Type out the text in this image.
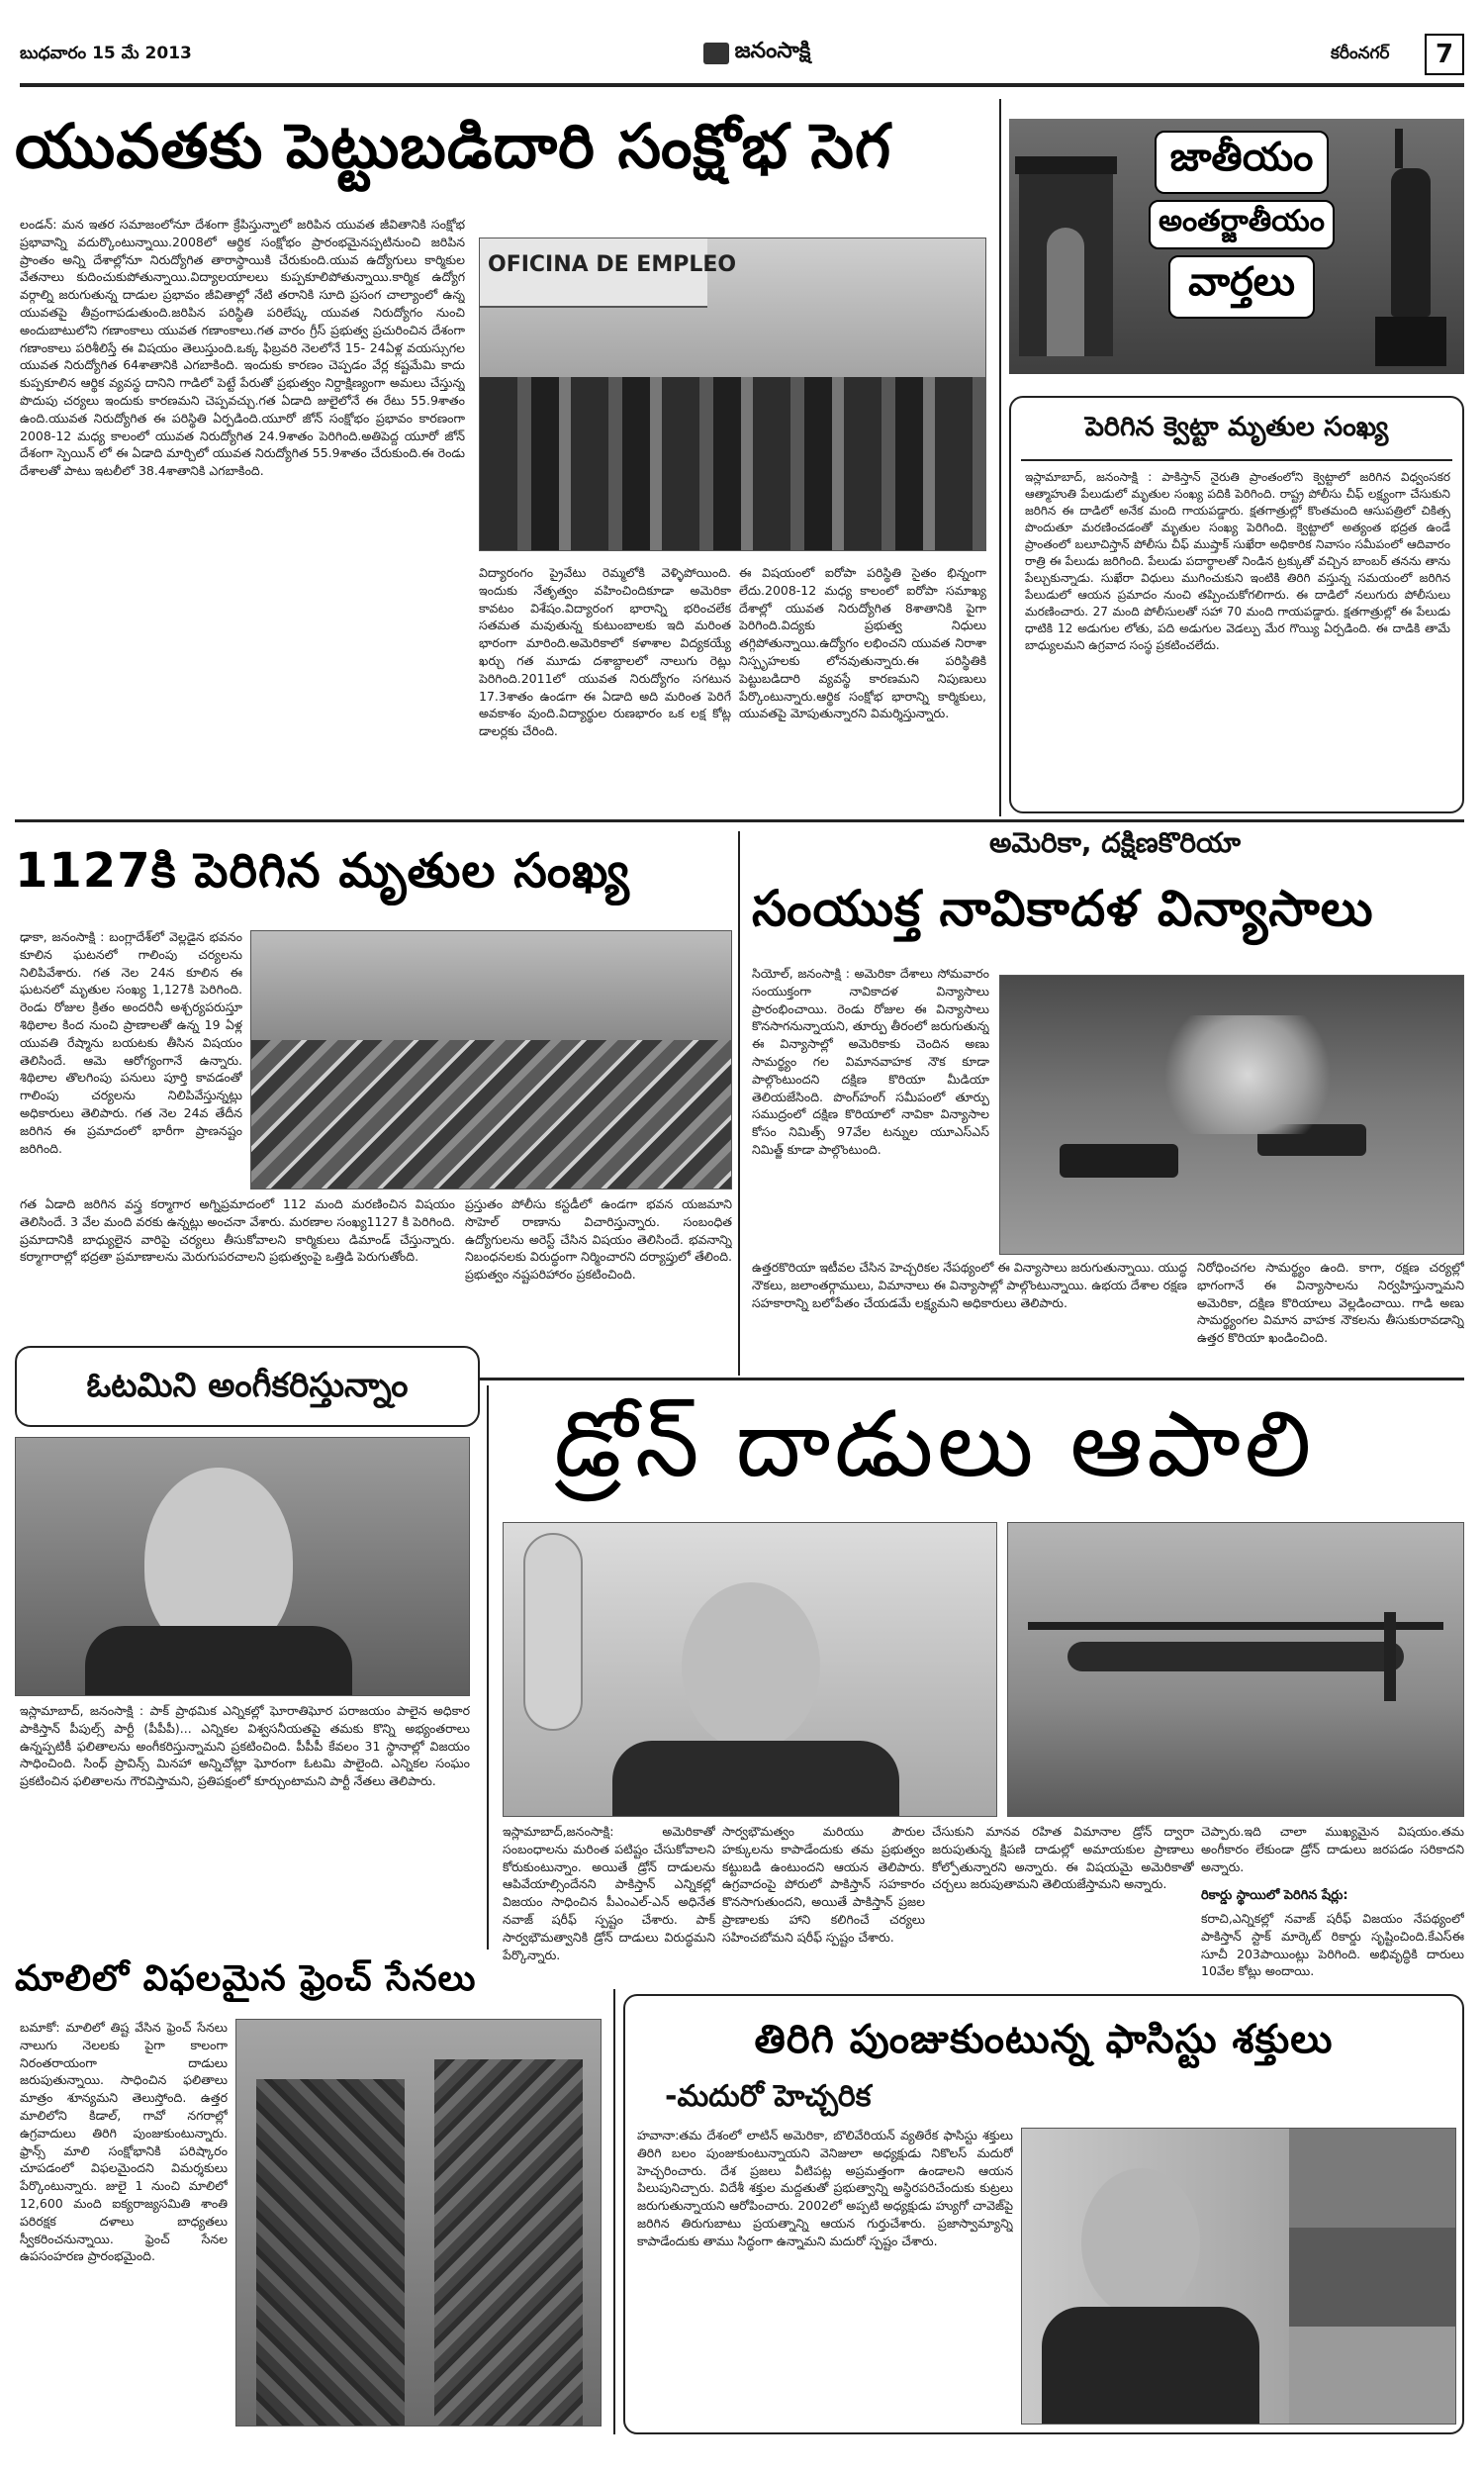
బుధవారం 15 మే 2013	జనంసాక్షి	కరీంనగర్ 7
యువతకు పెట్టుబడిదారి సంక్షోభ సెగ
లండన్: మన ఇతర సమాజంలోనూ దేశంగా క్రేపిస్తున్నాలో జరిపిన యువత జీవితానికి సంక్షోభ ప్రభావాన్ని వదుర్కొంటున్నాయి.2008లో ఆర్థిక సంక్షోభం ప్రారంభమైనప్పటినుంచి జరిపిన ప్రాంతం అన్ని దేశాల్లోనూ నిరుద్యోగిత తారాస్థాయికి చేరుకుంది.యువ ఉద్యోగులు కార్మికుల వేతనాలు కుదించుకుపోతున్నాయి.విద్యాలయాలలు కుప్పకూలిపోతున్నాయి.కార్మిక ఉద్యోగ వర్గాల్ని జరుగుతున్న దాడుల ప్రభావం జీవితాల్లో నేటి తరానికి సూది ప్రసంగ చాల్యాంలో ఉన్న యువతపై తీవ్రంగాపడుతుంది.జరిపిన పరిస్థితి పరిలేష్క యువత నిరుద్యోగం నుంచి అందుబాటులోని గణాంకాలు యువత గణాంకాలు.గత వారం గ్రీస్ ప్రభుత్వ ప్రచురించిన దేశంగా గణాంకాలు పరిశీలిస్తే ఈ విషయం తెలుస్తుంది.ఒక్క ఫిబ్రవరి నెలలోనే 15- 24ఏళ్ల వయస్సుగల యువత నిరుద్యోగిత 64శాతానికి ఎగబాకింది. ఇందుకు కారణం చెప్పడం వేర్ల కష్టమేమి కాదు కుప్పకూలిన ఆర్థిక వ్యవస్థ దానిని గాడిలో పెట్టే పేరుతో ప్రభుత్వం నిర్దాక్షిణ్యంగా అమలు చేస్తున్న పొదుపు చర్యలు ఇందుకు కారణమని చెప్పవచ్చు.గత ఏడాది జులైలోనే ఈ రేటు 55.9శాతం ఉంది.యువత నిరుద్యోగిత ఈ పరిస్థితి ఏర్పడింది.యూరో జోన్ సంక్షోభం ప్రభావం కారణంగా 2008-12 మధ్య కాలంలో యువత నిరుద్యోగిత 24.9శాతం పెరిగింది.అతిపెద్ద యూరో జోన్ దేశంగా స్పెయిన్ లో ఈ ఏడాది మార్చిలో యువత నిరుద్యోగిత 55.9శాతం చేరుకుంది.ఈ రెండు దేశాలతో పాటు ఇటలీలో 38.4శాతానికి ఎగబాకింది.
OFICINA DE EMPLEO
విద్యారంగం ప్రైవేటు రెమ్మలోకి వెళ్ళిపోయింది. ఇందుకు నేతృత్వం వహించిందికూడా అమెరికా కావటం విశేషం.విద్యారంగ భారాన్ని భరించలేక సతమత మవుతున్న కుటుంబాలకు ఇది మరింత భారంగా మారింది.అమెరికాలో కళాశాల విద్యకయ్యే ఖర్చు గత మూడు దశాబ్దాలలో నాలుగు రెట్లు పెరిగింది.2011లో యువత నిరుద్యోగం సగటున 17.3శాతం ఉండగా ఈ ఏడాది అది మరింత పెరిగే అవకాశం వుంది.విద్యార్థుల రుణభారం ఒక లక్ష కోట్ల డాలర్లకు చేరింది.
ఈ విషయంలో ఐరోపా పరిస్థితి సైతం భిన్నంగా లేదు.2008-12 మధ్య కాలంలో ఐరోపా సమాఖ్య దేశాల్లో యువత నిరుద్యోగిత 8శాతానికి పైగా పెరిగింది.విద్యకు ప్రభుత్వ నిధులు తగ్గిపోతున్నాయి.ఉద్యోగం లభించని యువత నిరాశా నిస్పృహలకు లోనవుతున్నారు.ఈ పరిస్థితికి పెట్టుబడిదారి వ్యవస్థే కారణమని నిపుణులు పేర్కొంటున్నారు.ఆర్థిక సంక్షోభ భారాన్ని కార్మికులు, యువతపై మోపుతున్నారని విమర్శిస్తున్నారు.
జాతీయం అంతర్జాతీయం వార్తలు
పెరిగిన క్వెట్టా మృతుల సంఖ్య
ఇస్లామాబాద్, జనంసాక్షి : పాకిస్తాన్ నైరుతి ప్రాంతంలోని క్వెట్టాలో జరిగిన విధ్వంసకర ఆత్మాహుతి పేలుడులో మృతుల సంఖ్య పదికి పెరిగింది. రాష్ట్ర పోలీసు చీఫ్ లక్ష్యంగా చేసుకుని జరిగిన ఈ దాడిలో అనేక మంది గాయపడ్డారు. క్షతగాత్రుల్లో కొంతమంది ఆసుపత్రిలో చికిత్స పొందుతూ మరణించడంతో మృతుల సంఖ్య పెరిగింది. క్వెట్టాలో అత్యంత భద్రత ఉండే ప్రాంతంలో బలూచిస్తాన్ పోలీసు చీఫ్ ముష్తాక్ సుఖేరా అధికారిక నివాసం సమీపంలో ఆదివారం రాత్రి ఈ పేలుడు జరిగింది. పేలుడు పదార్థాలతో నిండిన ట్రక్కుతో వచ్చిన బాంబర్ తనను తాను పేల్చుకున్నాడు. సుఖేరా విధులు ముగించుకుని ఇంటికి తిరిగి వస్తున్న సమయంలో జరిగిన పేలుడులో ఆయన ప్రమాదం నుంచి తప్పించుకోగలిగారు. ఈ దాడిలో నలుగురు పోలీసులు మరణించారు. 27 మంది పోలీసులతో సహా 70 మంది గాయపడ్డారు. క్షతగాత్రుల్లో ఈ పేలుడు ధాటికి 12 అడుగుల లోతు, పది అడుగుల వెడల్పు మేర గొయ్యి ఏర్పడింది. ఈ దాడికి తామే బాధ్యులమని ఉగ్రవాద సంస్థ ప్రకటించలేదు.
1127కి పెరిగిన మృతుల సంఖ్య
ఢాకా, జనంసాక్షి : బంగ్లాదేశ్‌లో వెల్లడైన భవనం కూలిన ఘటనలో గాలింపు చర్యలను నిలిపివేశారు. గత నెల 24న కూలిన ఈ ఘటనలో మృతుల సంఖ్య 1,127కి పెరిగింది. రెండు రోజుల క్రితం అందరినీ అశ్చర్యపరుస్తూ శిథిలాల కింద నుంచి ప్రాణాలతో ఉన్న 19 ఏళ్ల యువతి రేష్మాను బయటకు తీసిన విషయం తెలిసిందే. ఆమె ఆరోగ్యంగానే ఉన్నారు. శిథిలాల తొలగింపు పనులు పూర్తి కావడంతో గాలింపు చర్యలను నిలిపివేస్తున్నట్లు అధికారులు తెలిపారు. గత నెల 24వ తేదీన జరిగిన ఈ ప్రమాదంలో భారీగా ప్రాణనష్టం జరిగింది.
గత ఏడాది జరిగిన వస్త్ర కర్మాగార అగ్నిప్రమాదంలో 112 మంది మరణించిన విషయం తెలిసిందే. 3 వేల మంది వరకు ఉన్నట్లు అంచనా వేశారు. మరణాల సంఖ్య1127 కి పెరిగింది. ప్రమాదానికి బాధ్యులైన వారిపై చర్యలు తీసుకోవాలని కార్మికులు డిమాండ్ చేస్తున్నారు. కర్మాగారాల్లో భద్రతా ప్రమాణాలను మెరుగుపరచాలని ప్రభుత్వంపై ఒత్తిడి పెరుగుతోంది.
ప్రస్తుతం పోలీసు కస్టడీలో ఉండగా భవన యజమాని సొహెల్ రాణాను విచారిస్తున్నారు. సంబంధిత ఉద్యోగులను అరెస్ట్ చేసిన విషయం తెలిసిందే. భవనాన్ని నిబంధనలకు విరుద్ధంగా నిర్మించారని దర్యాప్తులో తేలింది. ప్రభుత్వం నష్టపరిహారం ప్రకటించింది.
అమెరికా, దక్షిణకొరియా
సంయుక్త నావికాదళ విన్యాసాలు
సియోల్, జనంసాక్షి : అమెరికా దేశాలు సోమవారం సంయుక్తంగా నావికాదళ విన్యాసాలు ప్రారంభించాయి. రెండు రోజుల ఈ విన్యాసాలు కొనసాగనున్నాయని, తూర్పు తీరంలో జరుగుతున్న ఈ విన్యాసాల్లో అమెరికాకు చెందిన అణు సామర్థ్యం గల విమానవాహక నౌక కూడా పాల్గొంటుందని దక్షిణ కొరియా మీడియా తెలియజేసింది. పొంగ్‌హంగ్ సమీపంలో తూర్పు సముద్రంలో దక్షిణ కొరియాలో నావికా విన్యాసాల కోసం నిమిత్స్‌ 97వేల టన్నుల యూఎస్ఎస్ నిమిత్జ్ కూడా పాల్గొంటుంది.
ఉత్తరకొరియా ఇటీవల చేసిన హెచ్చరికల నేపథ్యంలో ఈ విన్యాసాలు జరుగుతున్నాయి. యుద్ధ నౌకలు, జలాంతర్గాములు, విమానాలు ఈ విన్యాసాల్లో పాల్గొంటున్నాయి. ఉభయ దేశాల రక్షణ సహకారాన్ని బలోపేతం చేయడమే లక్ష్యమని అధికారులు తెలిపారు.
నిరోధించగల సామర్థ్యం ఉంది. కాగా, రక్షణ చర్యల్లో భాగంగానే ఈ విన్యాసాలను నిర్వహిస్తున్నామని అమెరికా, దక్షిణ కొరియాలు వెల్లడించాయి. గాడి అణు సామర్థ్యంగల విమాన వాహక నౌకలను తీసుకురావడాన్ని ఉత్తర కొరియా ఖండించింది.
ఓటమిని అంగీకరిస్తున్నాం
ఇస్లామాబాద్, జనంసాక్షి : పాక్ ప్రాథమిక ఎన్నికల్లో ఘోరాతిఘోర పరాజయం పాలైన అధికార పాకిస్తాన్ పీపుల్స్ పార్టీ (పీపీపీ)... ఎన్నికల విశ్వసనీయతపై తమకు కొన్ని అభ్యంతరాలు ఉన్నప్పటికీ ఫలితాలను అంగీకరిస్తున్నామని ప్రకటించింది. పీపీపీ కేవలం 31 స్థానాల్లో విజయం సాధించింది. సింధ్ ప్రావిన్స్ మినహా అన్నిచోట్లా ఘోరంగా ఓటమి పాలైంది. ఎన్నికల సంఘం ప్రకటించిన ఫలితాలను గౌరవిస్తామని, ప్రతిపక్షంలో కూర్చుంటామని పార్టీ నేతలు తెలిపారు.
డ్రోన్ దాడులు ఆపాలి
ఇస్లామాబాద్,జనంసాక్షి: అమెరికాతో సంబంధాలను మరింత పటిష్టం చేసుకోవాలని కోరుకుంటున్నాం. అయితే డ్రోన్‌ దాడులను ఆపివేయాల్సిందేనని పాకిస్తాన్ ఎన్నికల్లో విజయం సాధించిన పీఎంఎల్‌-ఎన్‌ అధినేత నవాజ్‌ షరీఫ్‌ స్పష్టం చేశారు. పాక్ సార్వభౌమత్వానికి డ్రోన్‌ దాడులు విరుద్ధమని పేర్కొన్నారు.
సార్వభౌమత్వం మరియు పౌరుల హక్కులను కాపాడేందుకు తమ ప్రభుత్వం కట్టుబడి ఉంటుందని ఆయన తెలిపారు. ఉగ్రవాదంపై పోరులో పాకిస్తాన్ సహకారం కొనసాగుతుందని, అయితే పాకిస్తాన్ ప్రజల ప్రాణాలకు హాని కలిగించే చర్యలు సహించబోమని షరీఫ్ స్పష్టం చేశారు.
చేసుకుని మానవ రహిత విమానాల డ్రోన్ ద్వారా జరుపుతున్న క్షిపణి దాడుల్లో అమాయకుల ప్రాణాలు కోల్పోతున్నారని అన్నారు. ఈ విషయమై అమెరికాతో చర్చలు జరుపుతామని తెలియజేస్తామని అన్నారు.
చెప్పారు.ఇది చాలా ముఖ్యమైన విషయం.తమ అంగీకారం లేకుండా డ్రోన్ దాడులు జరపడం సరికాదని అన్నారు.
రికార్డు స్థాయిలో పెరిగిన షేర్లు:
కరాచి,ఎన్నికల్లో నవాజ్ షరీఫ్ విజయం నేపథ్యంలో పాకిస్తాన్ స్టాక్ మార్కెట్ రికార్డు సృష్టించింది.కేఎస్ఈ సూచీ 203పాయింట్లు పెరిగింది. అభివృద్ధికి దారులు 10వేల కోట్లు అందాయి.
మాలిలో విఫలమైన ఫ్రెంచ్ సేనలు
బమాకో: మాలిలో తిష్ట వేసిన ఫ్రెంచ్ సేనలు నాలుగు నెలలకు పైగా కాలంగా నిరంతరాయంగా దాడులు జరుపుతున్నాయి. సాధించిన ఫలితాలు మాత్రం శూన్యమని తెలుస్తోంది. ఉత్తర మాలిలోని కిడాల్, గావో నగరాల్లో ఉగ్రవాదులు తిరిగి పుంజుకుంటున్నారు. ఫ్రాన్స్ మాలి సంక్షోభానికి పరిష్కారం చూపడంలో విఫలమైందని విమర్శకులు పేర్కొంటున్నారు. జులై 1 నుంచి మాలిలో 12,600 మంది ఐక్యరాజ్యసమితి శాంతి పరిరక్షక దళాలు బాధ్యతలు స్వీకరించనున్నాయి. ఫ్రెంచ్ సేనల ఉపసంహరణ ప్రారంభమైంది.
తిరిగి పుంజుకుంటున్న ఫాసిస్టు శక్తులు
-మదురో హెచ్చరిక
హవానా:తమ దేశంలో లాటిన్ అమెరికా, బొలివేరియన్ వ్యతిరేక ఫాసిస్టు శక్తులు తిరిగి బలం పుంజుకుంటున్నాయని వెనిజులా అధ్యక్షుడు నికొలస్ మదురో హెచ్చరించారు. దేశ ప్రజలు వీటిపట్ల అప్రమత్తంగా ఉండాలని ఆయన పిలుపునిచ్చారు. విదేశీ శక్తుల మద్దతుతో ప్రభుత్వాన్ని అస్థిరపరిచేందుకు కుట్రలు జరుగుతున్నాయని ఆరోపించారు. 2002లో అప్పటి అధ్యక్షుడు హ్యుగో చావెజ్‌పై జరిగిన తిరుగుబాటు ప్రయత్నాన్ని ఆయన గుర్తుచేశారు. ప్రజాస్వామ్యాన్ని కాపాడేందుకు తాము సిద్ధంగా ఉన్నామని మదురో స్పష్టం చేశారు.
